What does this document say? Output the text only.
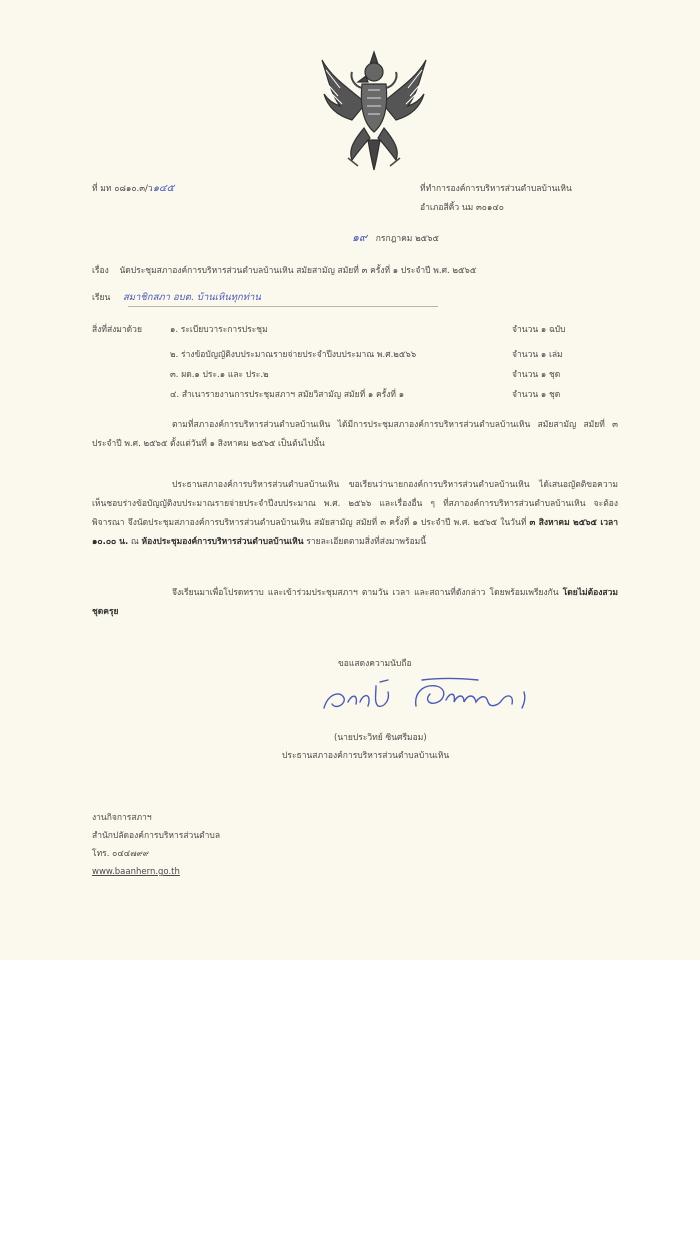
ที่ มท ๐๘๑๐.๓/ว๑๔๕	ที่ทำการองค์การบริหารส่วนตำบลบ้านเหิน
อำเภอสีคิ้ว นม ๓๐๑๔๐
๑๙ กรกฎาคม ๒๕๖๕
เรื่อง นัดประชุมสภาองค์การบริหารส่วนตำบลบ้านเหิน สมัยสามัญ สมัยที่ ๓ ครั้งที่ ๑ ประจำปี พ.ศ. ๒๕๖๕
เรียน สมาชิกสภา อบต. บ้านเหินทุกท่าน
สิ่งที่ส่งมาด้วย	๑. ระเบียบวาระการประชุม	จำนวน ๑ ฉบับ
๒. ร่างข้อบัญญัติงบประมาณรายจ่ายประจำปีงบประมาณ พ.ศ.๒๕๖๖	จำนวน ๑ เล่ม
๓. ผด.๑ ประ.๑ และ ประ.๒	จำนวน ๑ ชุด
๔. สำเนารายงานการประชุมสภาฯ สมัยวิสามัญ สมัยที่ ๑ ครั้งที่ ๑	จำนวน ๑ ชุด
ตามที่สภาองค์การบริหารส่วนตำบลบ้านเหิน ได้มีการประชุมสภาองค์การบริหารส่วนตำบลบ้านเหิน สมัยสามัญ สมัยที่ ๓ ประจำปี พ.ศ. ๒๕๖๕ ตั้งแต่วันที่ ๑ สิงหาคม ๒๕๖๕ เป็นต้นไปนั้น
ประธานสภาองค์การบริหารส่วนตำบลบ้านเหิน ขอเรียนว่านายกองค์การบริหารส่วนตำบลบ้านเหิน ได้เสนอญัตติขอความเห็นชอบร่างข้อบัญญัติงบประมาณรายจ่ายประจำปีงบประมาณ พ.ศ. ๒๕๖๖ และเรื่องอื่น ๆ ที่สภาองค์การบริหารส่วนตำบลบ้านเหิน จะต้องพิจารณา จึงนัดประชุมสภาองค์การบริหารส่วนตำบลบ้านเหิน สมัยสามัญ สมัยที่ ๓ ครั้งที่ ๑ ประจำปี พ.ศ. ๒๕๖๕ ในวันที่ ๓ สิงหาคม ๒๕๖๕ เวลา ๑๐.๐๐ น. ณ ห้องประชุมองค์การบริหารส่วนตำบลบ้านเหิน รายละเอียดตามสิ่งที่ส่งมาพร้อมนี้
จึงเรียนมาเพื่อโปรดทราบ และเข้าร่วมประชุมสภาฯ ตามวัน เวลา และสถานที่ดังกล่าว โดยพร้อมเพรียงกัน โดยไม่ต้องสวมชุดครุย
ขอแสดงความนับถือ
(นายประวิทย์ ซินศรีมอม)
ประธานสภาองค์การบริหารส่วนตำบลบ้านเหิน
งานกิจการสภาฯ
สำนักปลัดองค์การบริหารส่วนตำบล
โทร. ๐๔๔๗๙๙
www.baanhern.go.th
